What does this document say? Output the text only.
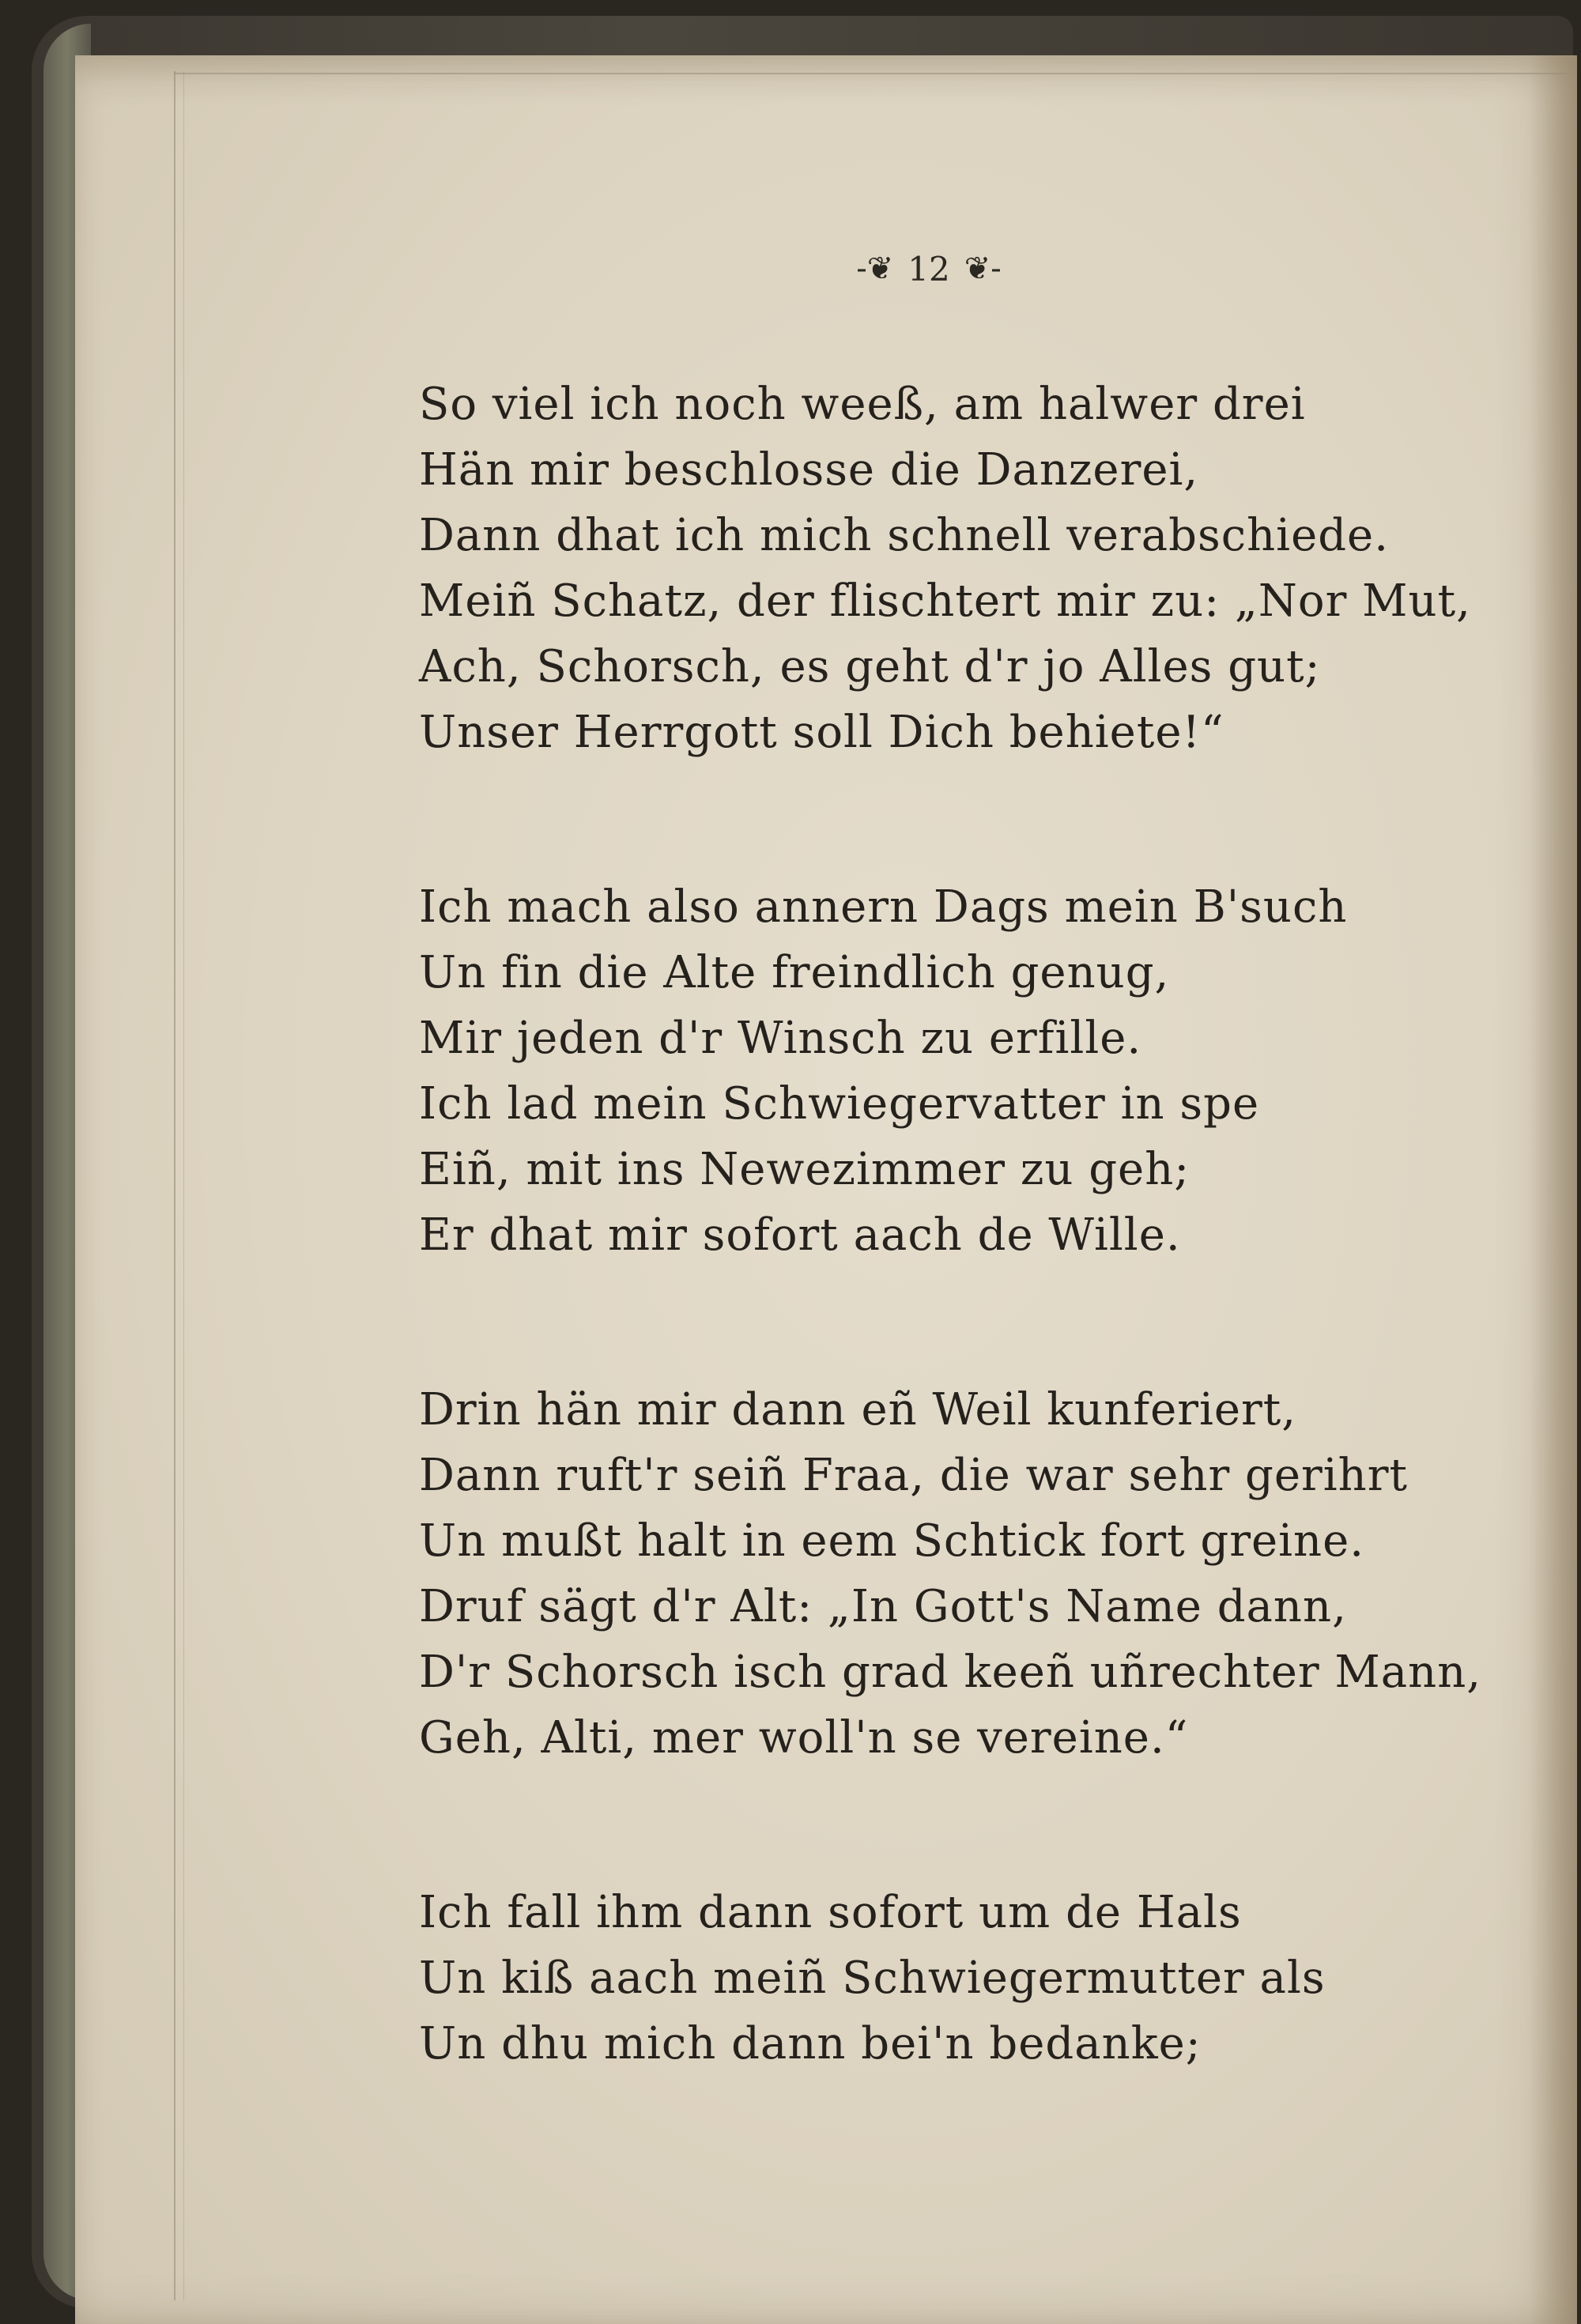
-❦ 12 ❦-
So viel ich noch weeß, am halwer drei
Hän mir beschlosse die Danzerei,
Dann dhat ich mich schnell verabschiede.
Meiñ Schatz, der flischtert mir zu: „Nor Mut,
Ach, Schorsch, es geht d'r jo Alles gut;
Unser Herrgott soll Dich behiete!“
Ich mach also annern Dags mein B'such
Un fin die Alte freindlich genug,
Mir jeden d'r Winsch zu erfille.
Ich lad mein Schwiegervatter in spe
Eiñ, mit ins Newezimmer zu geh;
Er dhat mir sofort aach de Wille.
Drin hän mir dann eñ Weil kunferiert,
Dann ruft'r seiñ Fraa, die war sehr gerihrt
Un mußt halt in eem Schtick fort greine.
Druf sägt d'r Alt: „In Gott's Name dann,
D'r Schorsch isch grad keeñ uñrechter Mann,
Geh, Alti, mer woll'n se vereine.“
Ich fall ihm dann sofort um de Hals
Un kiß aach meiñ Schwiegermutter als
Un dhu mich dann bei'n bedanke;
